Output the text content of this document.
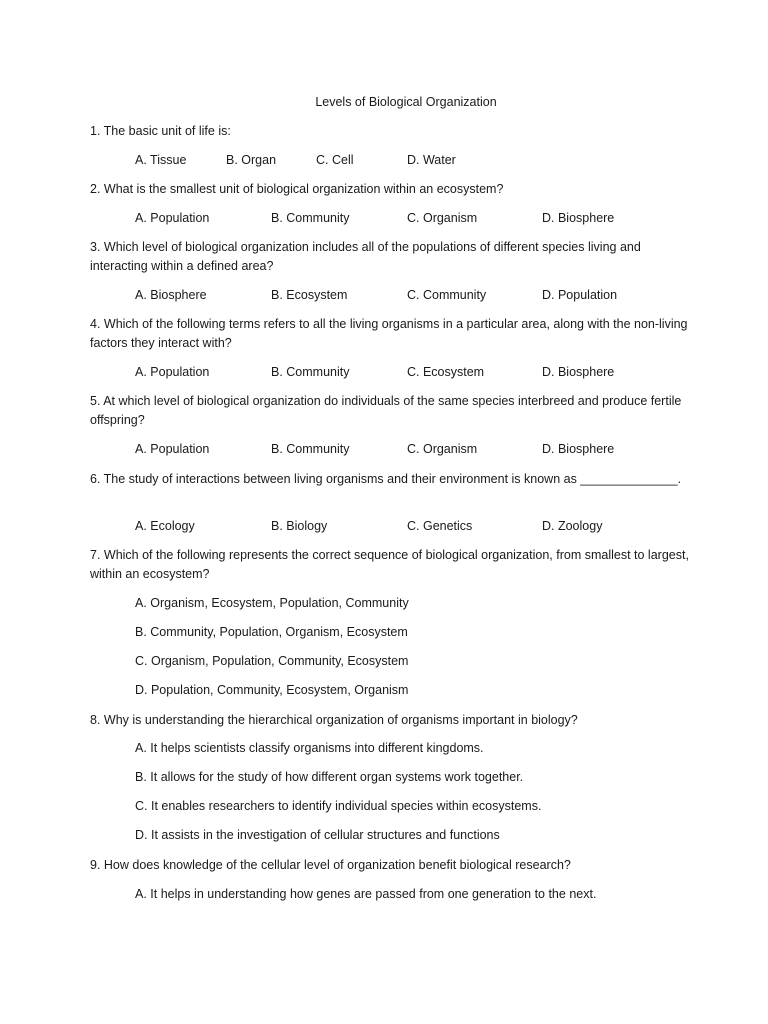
Levels of Biological Organization
1. The basic unit of life is:
A. Tissue	B. Organ	C. Cell	D. Water
2. What is the smallest unit of biological organization within an ecosystem?
A. Population	B. Community	C. Organism	D. Biosphere
3. Which level of biological organization includes all of the populations of different species living and interacting within a defined area?
A. Biosphere	B. Ecosystem	C. Community	D. Population
4. Which of the following terms refers to all the living organisms in a particular area, along with the non-living factors they interact with?
A. Population	B. Community	C. Ecosystem	D. Biosphere
5. At which level of biological organization do individuals of the same species interbreed and produce fertile offspring?
A. Population	B. Community	C. Organism	D. Biosphere
6. The study of interactions between living organisms and their environment is known as ______________.
A. Ecology	B. Biology	C. Genetics	D. Zoology
7. Which of the following represents the correct sequence of biological organization, from smallest to largest, within an ecosystem?
A. Organism, Ecosystem, Population, Community
B. Community, Population, Organism, Ecosystem
C. Organism, Population, Community, Ecosystem
D. Population, Community, Ecosystem, Organism
8. Why is understanding the hierarchical organization of organisms important in biology?
A. It helps scientists classify organisms into different kingdoms.
B. It allows for the study of how different organ systems work together.
C. It enables researchers to identify individual species within ecosystems.
D. It assists in the investigation of cellular structures and functions
9. How does knowledge of the cellular level of organization benefit biological research?
A. It helps in understanding how genes are passed from one generation to the next.
